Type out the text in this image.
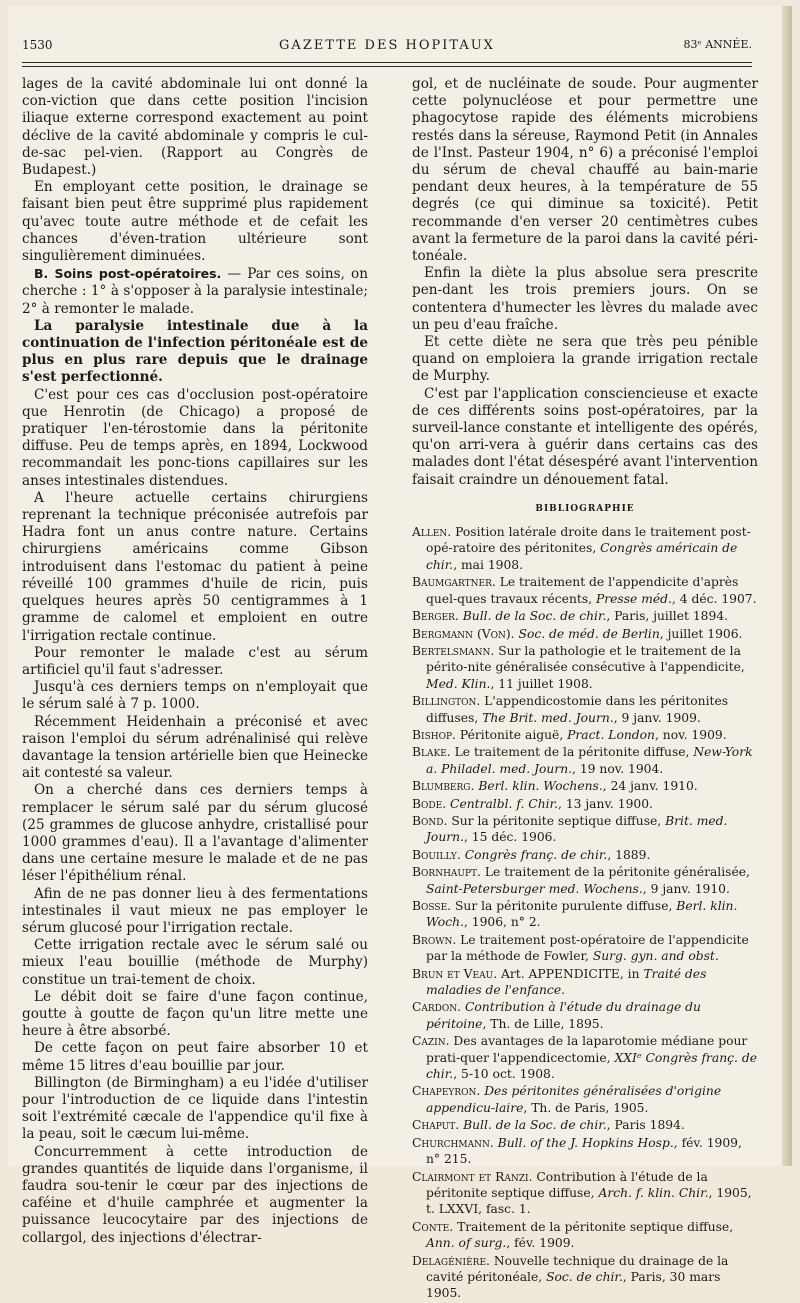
1530	GAZETTE DES HOPITAUX	83ᵉ ANNÉE.

lages de la cavité abdominale lui ont donné la con-viction que dans cette position l'incision iliaque externe correspond exactement au point déclive de la cavité abdominale y compris le cul-de-sac pel-vien. (Rapport au Congrès de Budapest.)

En employant cette position, le drainage se faisant bien peut être supprimé plus rapidement qu'avec toute autre méthode et de cefait les chances d'éven-tration ultérieure sont singulièrement diminuées.

B. Soins post-opératoires. — Par ces soins, on cherche : 1° à s'opposer à la paralysie intestinale; 2° à remonter le malade.

La paralysie intestinale due à la continuation de l'infection péritonéale est de plus en plus rare depuis que le drainage s'est perfectionné.

C'est pour ces cas d'occlusion post-opératoire que Henrotin (de Chicago) a proposé de pratiquer l'en-térostomie dans la péritonite diffuse. Peu de temps après, en 1894, Lockwood recommandait les ponc-tions capillaires sur les anses intestinales distendues.

A l'heure actuelle certains chirurgiens reprenant la technique préconisée autrefois par Hadra font un anus contre nature. Certains chirurgiens américains comme Gibson introduisent dans l'estomac du patient à peine réveillé 100 grammes d'huile de ricin, puis quelques heures après 50 centigrammes à 1 gramme de calomel et emploient en outre l'irrigation rectale continue.

Pour remonter le malade c'est au sérum artificiel qu'il faut s'adresser.

Jusqu'à ces derniers temps on n'employait que le sérum salé à 7 p. 1000.

Récemment Heidenhain a préconisé et avec raison l'emploi du sérum adrénalinisé qui relève davantage la tension artérielle bien que Heinecke ait contesté sa valeur.

On a cherché dans ces derniers temps à remplacer le sérum salé par du sérum glucosé (25 grammes de glucose anhydre, cristallisé pour 1000 grammes d'eau). Il a l'avantage d'alimenter dans une certaine mesure le malade et de ne pas léser l'épithélium rénal.

Afin de ne pas donner lieu à des fermentations intestinales il vaut mieux ne pas employer le sérum glucosé pour l'irrigation rectale.

Cette irrigation rectale avec le sérum salé ou mieux l'eau bouillie (méthode de Murphy) constitue un trai-tement de choix.

Le débit doit se faire d'une façon continue, goutte à goutte de façon qu'un litre mette une heure à être absorbé.

De cette façon on peut faire absorber 10 et même 15 litres d'eau bouillie par jour.

Billington (de Birmingham) a eu l'idée d'utiliser pour l'introduction de ce liquide dans l'intestin soit l'extrémité cæcale de l'appendice qu'il fixe à la peau, soit le cæcum lui-même.

Concurremment à cette introduction de grandes quantités de liquide dans l'organisme, il faudra sou-tenir le cœur par des injections de caféine et d'huile camphrée et augmenter la puissance leucocytaire par des injections de collargol, des injections d'électrar-

gol, et de nucléinate de soude. Pour augmenter cette polynucléose et pour permettre une phagocytose rapide des éléments microbiens restés dans la séreuse, Raymond Petit (in Annales de l'Inst. Pasteur 1904, n° 6) a préconisé l'emploi du sérum de cheval chauffé au bain-marie pendant deux heures, à la température de 55 degrés (ce qui diminue sa toxicité). Petit recommande d'en verser 20 centimètres cubes avant la fermeture de la paroi dans la cavité péri-tonéale.

Enfin la diète la plus absolue sera prescrite pen-dant les trois premiers jours. On se contentera d'humecter les lèvres du malade avec un peu d'eau fraîche.

Et cette diète ne sera que très peu pénible quand on emploiera la grande irrigation rectale de Murphy.

C'est par l'application consciencieuse et exacte de ces différents soins post-opératoires, par la surveil-lance constante et intelligente des opérés, qu'on arri-vera à guérir dans certains cas des malades dont l'état désespéré avant l'intervention faisait craindre un dénouement fatal.

BIBLIOGRAPHIE

Allen. Position latérale droite dans le traitement post-opé-ratoire des péritonites, Congrès américain de chir., mai 1908.

Baumgartner. Le traitement de l'appendicite d'après quel-ques travaux récents, Presse méd., 4 déc. 1907.

Berger. Bull. de la Soc. de chir., Paris, juillet 1894.

Bergmann (Von). Soc. de méd. de Berlin, juillet 1906.

Bertelsmann. Sur la pathologie et le traitement de la périto-nite généralisée consécutive à l'appendicite, Med. Klin., 11 juillet 1908.

Billington. L'appendicostomie dans les péritonites diffuses, The Brit. med. Journ., 9 janv. 1909.

Bishop. Péritonite aiguë, Pract. London, nov. 1909.

Blake. Le traitement de la péritonite diffuse, New-York a. Philadel. med. Journ., 19 nov. 1904.

Blumberg. Berl. klin. Wochens., 24 janv. 1910.

Bode. Centralbl. f. Chir., 13 janv. 1900.

Bond. Sur la péritonite septique diffuse, Brit. med. Journ., 15 déc. 1906.

Bouilly. Congrès franç. de chir., 1889.

Bornhaupt. Le traitement de la péritonite généralisée, Saint-Petersburger med. Wochens., 9 janv. 1910.

Bosse. Sur la péritonite purulente diffuse, Berl. klin. Woch., 1906, n° 2.

Brown. Le traitement post-opératoire de l'appendicite par la méthode de Fowler, Surg. gyn. and obst.

Brun et Veau. Art. APPENDICITE, in Traité des maladies de l'enfance.

Cardon. Contribution à l'étude du drainage du péritoine, Th. de Lille, 1895.

Cazin. Des avantages de la laparotomie médiane pour prati-quer l'appendicectomie, XXIᵉ Congrès franç. de chir., 5-10 oct. 1908.

Chapeyron. Des péritonites généralisées d'origine appendicu-laire, Th. de Paris, 1905.

Chaput. Bull. de la Soc. de chir., Paris 1894.

Churchmann. Bull. of the J. Hopkins Hosp., fév. 1909, n° 215.

Clairmont et Ranzi. Contribution à l'étude de la péritonite septique diffuse, Arch. f. klin. Chir., 1905, t. LXXVI, fasc. 1.

Conte. Traitement de la péritonite septique diffuse, Ann. of surg., fév. 1909.

Delagénière. Nouvelle technique du drainage de la cavité péritonéale, Soc. de chir., Paris, 30 mars 1905.
